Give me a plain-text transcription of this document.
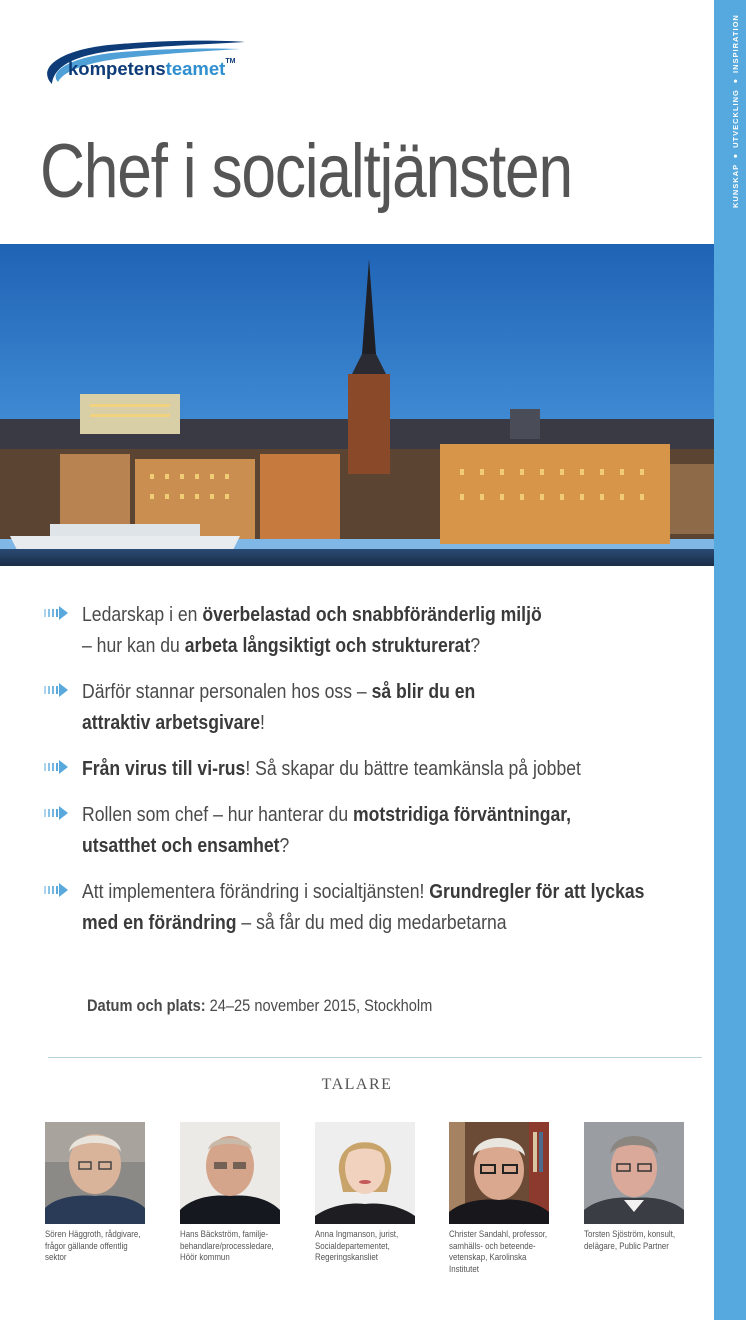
KUNSKAP ● UTVECKLING ● INSPIRATION
kompetensteamet™
Chef i socialtjänsten
Ledarskap i en överbelastad och snabbföränderlig miljö
– hur kan du arbeta långsiktigt och strukturerat?
Därför stannar personalen hos oss – så blir du en attraktiv arbetsgivare!
Från virus till vi-rus! Så skapar du bättre teamkänsla på jobbet
Rollen som chef – hur hanterar du motstridiga förväntningar, utsatthet och ensamhet?
Att implementera förändring i socialtjänsten! Grundregler för att lyckas med en förändring – så får du med dig medarbetarna
Datum och plats: 24–25 november 2015, Stockholm
TALARE
Sören Häggroth, rådgivare, frågor gällande offentlig sektor
Hans Bäckström, familje-behandlare/processledare, Höör kommun
Anna Ingmanson, jurist, Socialdepartementet, Regeringskansliet
Christer Sandahl, professor, samhälls- och beteende-vetenskap, Karolinska Institutet
Torsten Sjöström, konsult, delägare, Public Partner
